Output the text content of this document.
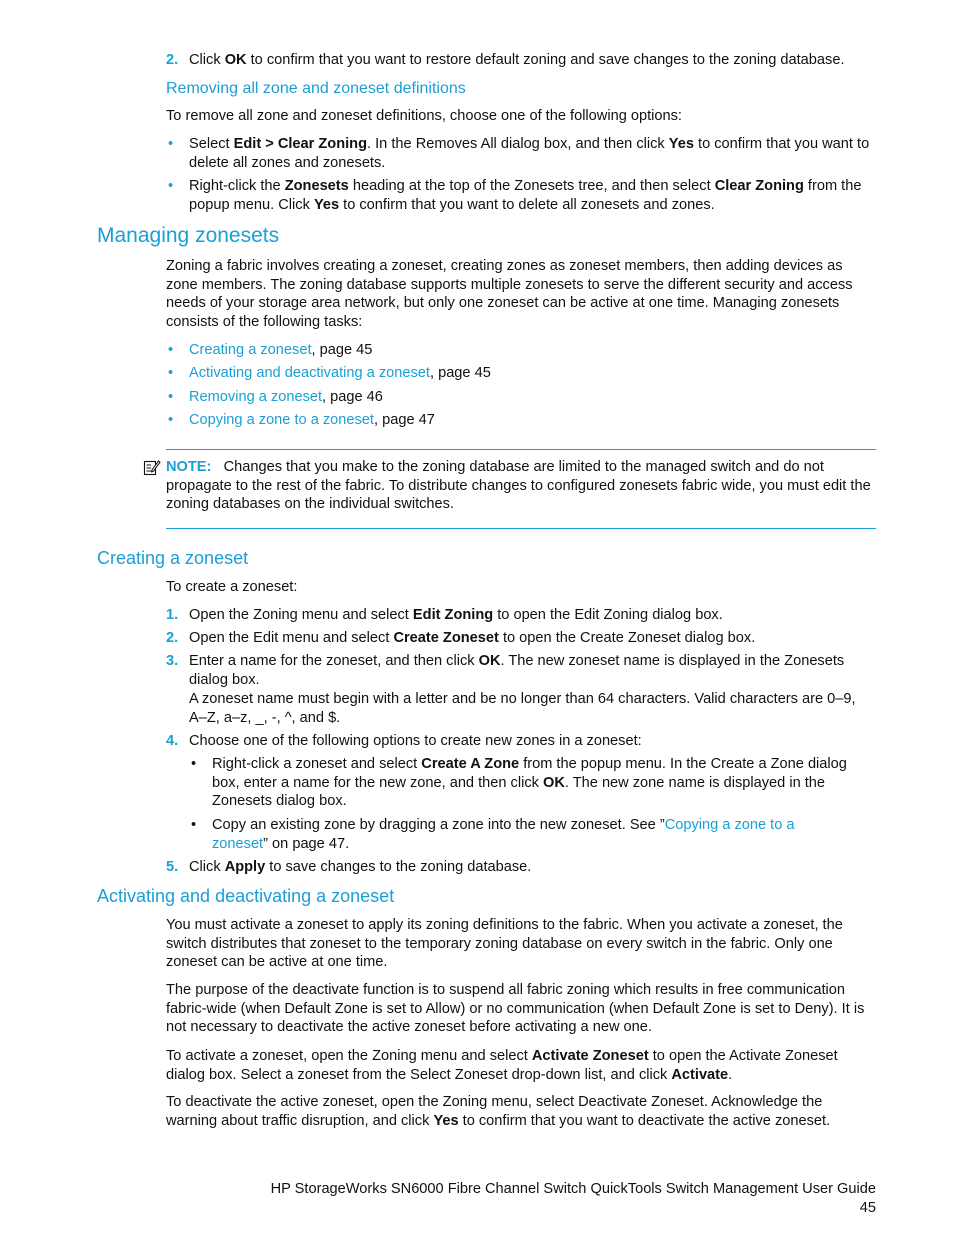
2. Click OK to confirm that you want to restore default zoning and save changes to the zoning database.
Removing all zone and zoneset definitions
To remove all zone and zoneset definitions, choose one of the following options:
• Select Edit > Clear Zoning. In the Removes All dialog box, and then click Yes to confirm that you want to delete all zones and zonesets.
• Right-click the Zonesets heading at the top of the Zonesets tree, and then select Clear Zoning from the popup menu. Click Yes to confirm that you want to delete all zonesets and zones.
Managing zonesets
Zoning a fabric involves creating a zoneset, creating zones as zoneset members, then adding devices as zone members. The zoning database supports multiple zonesets to serve the different security and access needs of your storage area network, but only one zoneset can be active at one time. Managing zonesets consists of the following tasks:
• Creating a zoneset, page 45
• Activating and deactivating a zoneset, page 45
• Removing a zoneset, page 46
• Copying a zone to a zoneset, page 47
NOTE: Changes that you make to the zoning database are limited to the managed switch and do not propagate to the rest of the fabric. To distribute changes to configured zonesets fabric wide, you must edit the zoning databases on the individual switches.
Creating a zoneset
To create a zoneset:
1. Open the Zoning menu and select Edit Zoning to open the Edit Zoning dialog box.
2. Open the Edit menu and select Create Zoneset to open the Create Zoneset dialog box.
3. Enter a name for the zoneset, and then click OK. The new zoneset name is displayed in the Zonesets dialog box.
A zoneset name must begin with a letter and be no longer than 64 characters. Valid characters are 0–9, A–Z, a–z, _, -, ^, and $.
4. Choose one of the following options to create new zones in a zoneset:
• Right-click a zoneset and select Create A Zone from the popup menu. In the Create a Zone dialog box, enter a name for the new zone, and then click OK. The new zone name is displayed in the Zonesets dialog box.
• Copy an existing zone by dragging a zone into the new zoneset. See ”Copying a zone to a zoneset” on page 47.
5. Click Apply to save changes to the zoning database.
Activating and deactivating a zoneset
You must activate a zoneset to apply its zoning definitions to the fabric. When you activate a zoneset, the switch distributes that zoneset to the temporary zoning database on every switch in the fabric. Only one zoneset can be active at one time.
The purpose of the deactivate function is to suspend all fabric zoning which results in free communication fabric-wide (when Default Zone is set to Allow) or no communication (when Default Zone is set to Deny). It is not necessary to deactivate the active zoneset before activating a new one.
To activate a zoneset, open the Zoning menu and select Activate Zoneset to open the Activate Zoneset dialog box. Select a zoneset from the Select Zoneset drop-down list, and click Activate.
To deactivate the active zoneset, open the Zoning menu, select Deactivate Zoneset. Acknowledge the warning about traffic disruption, and click Yes to confirm that you want to deactivate the active zoneset.
HP StorageWorks SN6000 Fibre Channel Switch QuickTools Switch Management User Guide45
